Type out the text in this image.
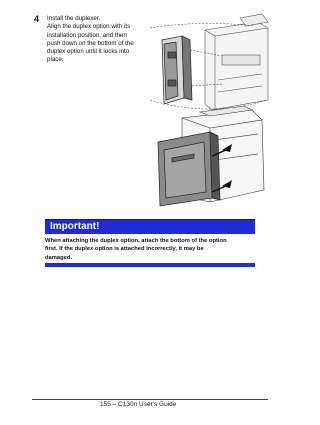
4 Install the duplexer.
Align the duplex option with its
installation position, and then
push down on the bottom of the
duplex option until it locks into
place.
Important!
When attaching the duplex option, attach the bottom of the option
first. If the duplex option is attached incorrectly, it may be
damaged.
155 – C130n User's Guide
